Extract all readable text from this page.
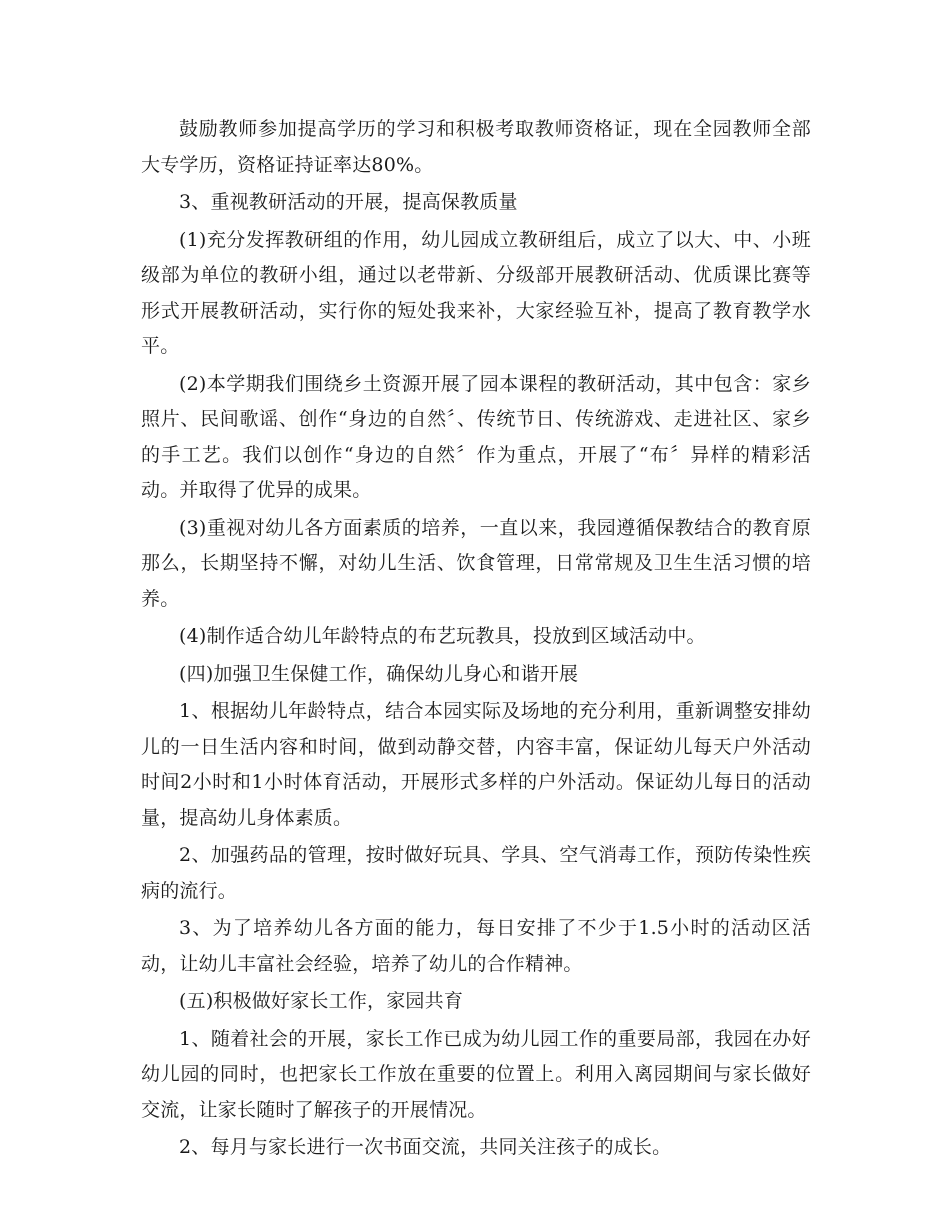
鼓励教师参加提高学历的学习和积极考取教师资格证，现在全园教师全部大专学历，资格证持证率达80%。

3、重视教研活动的开展，提高保教质量

(1)充分发挥教研组的作用，幼儿园成立教研组后，成立了以大、中、小班级部为单位的教研小组，通过以老带新、分级部开展教研活动、优质课比赛等形式开展教研活动，实行你的短处我来补，大家经验互补，提高了教育教学水平。

(2)本学期我们围绕乡土资源开展了园本课程的教研活动，其中包含：家乡照片、民间歌谣、创作“身边的自然〞、传统节日、传统游戏、走进社区、家乡的手工艺。我们以创作“身边的自然〞作为重点，开展了“布〞异样的精彩活动。并取得了优异的成果。

(3)重视对幼儿各方面素质的培养，一直以来，我园遵循保教结合的教育原那么，长期坚持不懈，对幼儿生活、饮食管理，日常常规及卫生生活习惯的培养。

(4)制作适合幼儿年龄特点的布艺玩教具，投放到区域活动中。

(四)加强卫生保健工作，确保幼儿身心和谐开展

1、根据幼儿年龄特点，结合本园实际及场地的充分利用，重新调整安排幼儿的一日生活内容和时间，做到动静交替，内容丰富，保证幼儿每天户外活动时间2小时和1小时体育活动，开展形式多样的户外活动。保证幼儿每日的活动量，提高幼儿身体素质。

2、加强药品的管理，按时做好玩具、学具、空气消毒工作，预防传染性疾病的流行。

3、为了培养幼儿各方面的能力，每日安排了不少于1.5小时的活动区活动，让幼儿丰富社会经验，培养了幼儿的合作精神。

(五)积极做好家长工作，家园共育

1、随着社会的开展，家长工作已成为幼儿园工作的重要局部，我园在办好幼儿园的同时，也把家长工作放在重要的位置上。利用入离园期间与家长做好交流，让家长随时了解孩子的开展情况。

2、每月与家长进行一次书面交流，共同关注孩子的成长。
